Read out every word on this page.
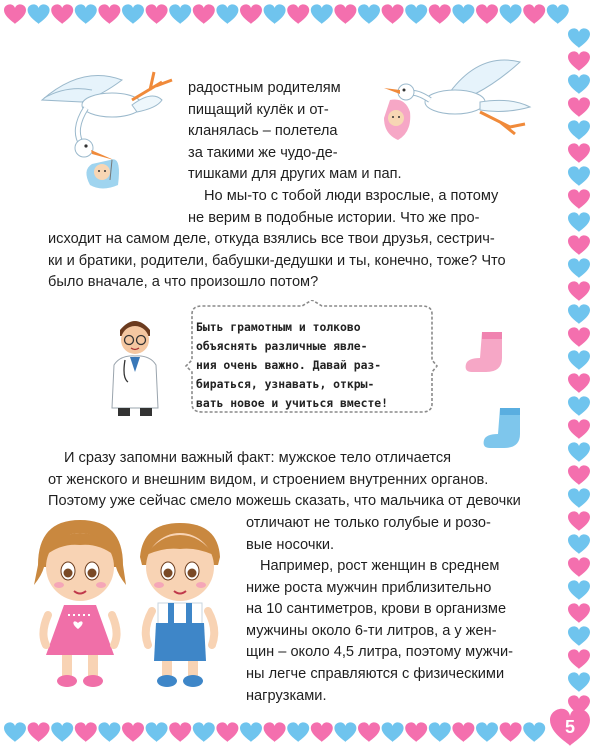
радостным родителям
пищащий кулёк и от-
кланялась – полетела
за такими же чудо-де-
тишками для других мам и пап.
Но мы-то с тобой люди взрослые, а потому
не верим в подобные истории. Что же про-
исходит на самом деле, откуда взялись все твои друзья, сестрич-
ки и братики, родители, бабушки-дедушки и ты, конечно, тоже? Что
было вначале, а что произошло потом?
Быть грамотным и толково
объяснять различные явле-
ния очень важно. Давай раз-
бираться, узнавать, откры-
вать новое и учиться вместе!
И сразу запомни важный факт: мужское тело отличается
от женского и внешним видом, и строением внутренних органов.
Поэтому уже сейчас смело можешь сказать, что мальчика от девочки
отличают не только голубые и розо-
вые носочки.
Например, рост женщин в среднем
ниже роста мужчин приблизительно
на 10 сантиметров, крови в организме
мужчины около 6-ти литров, а у жен-
щин – около 4,5 литра, поэтому мужчи-
ны легче справляются с физическими
нагрузками.
5
